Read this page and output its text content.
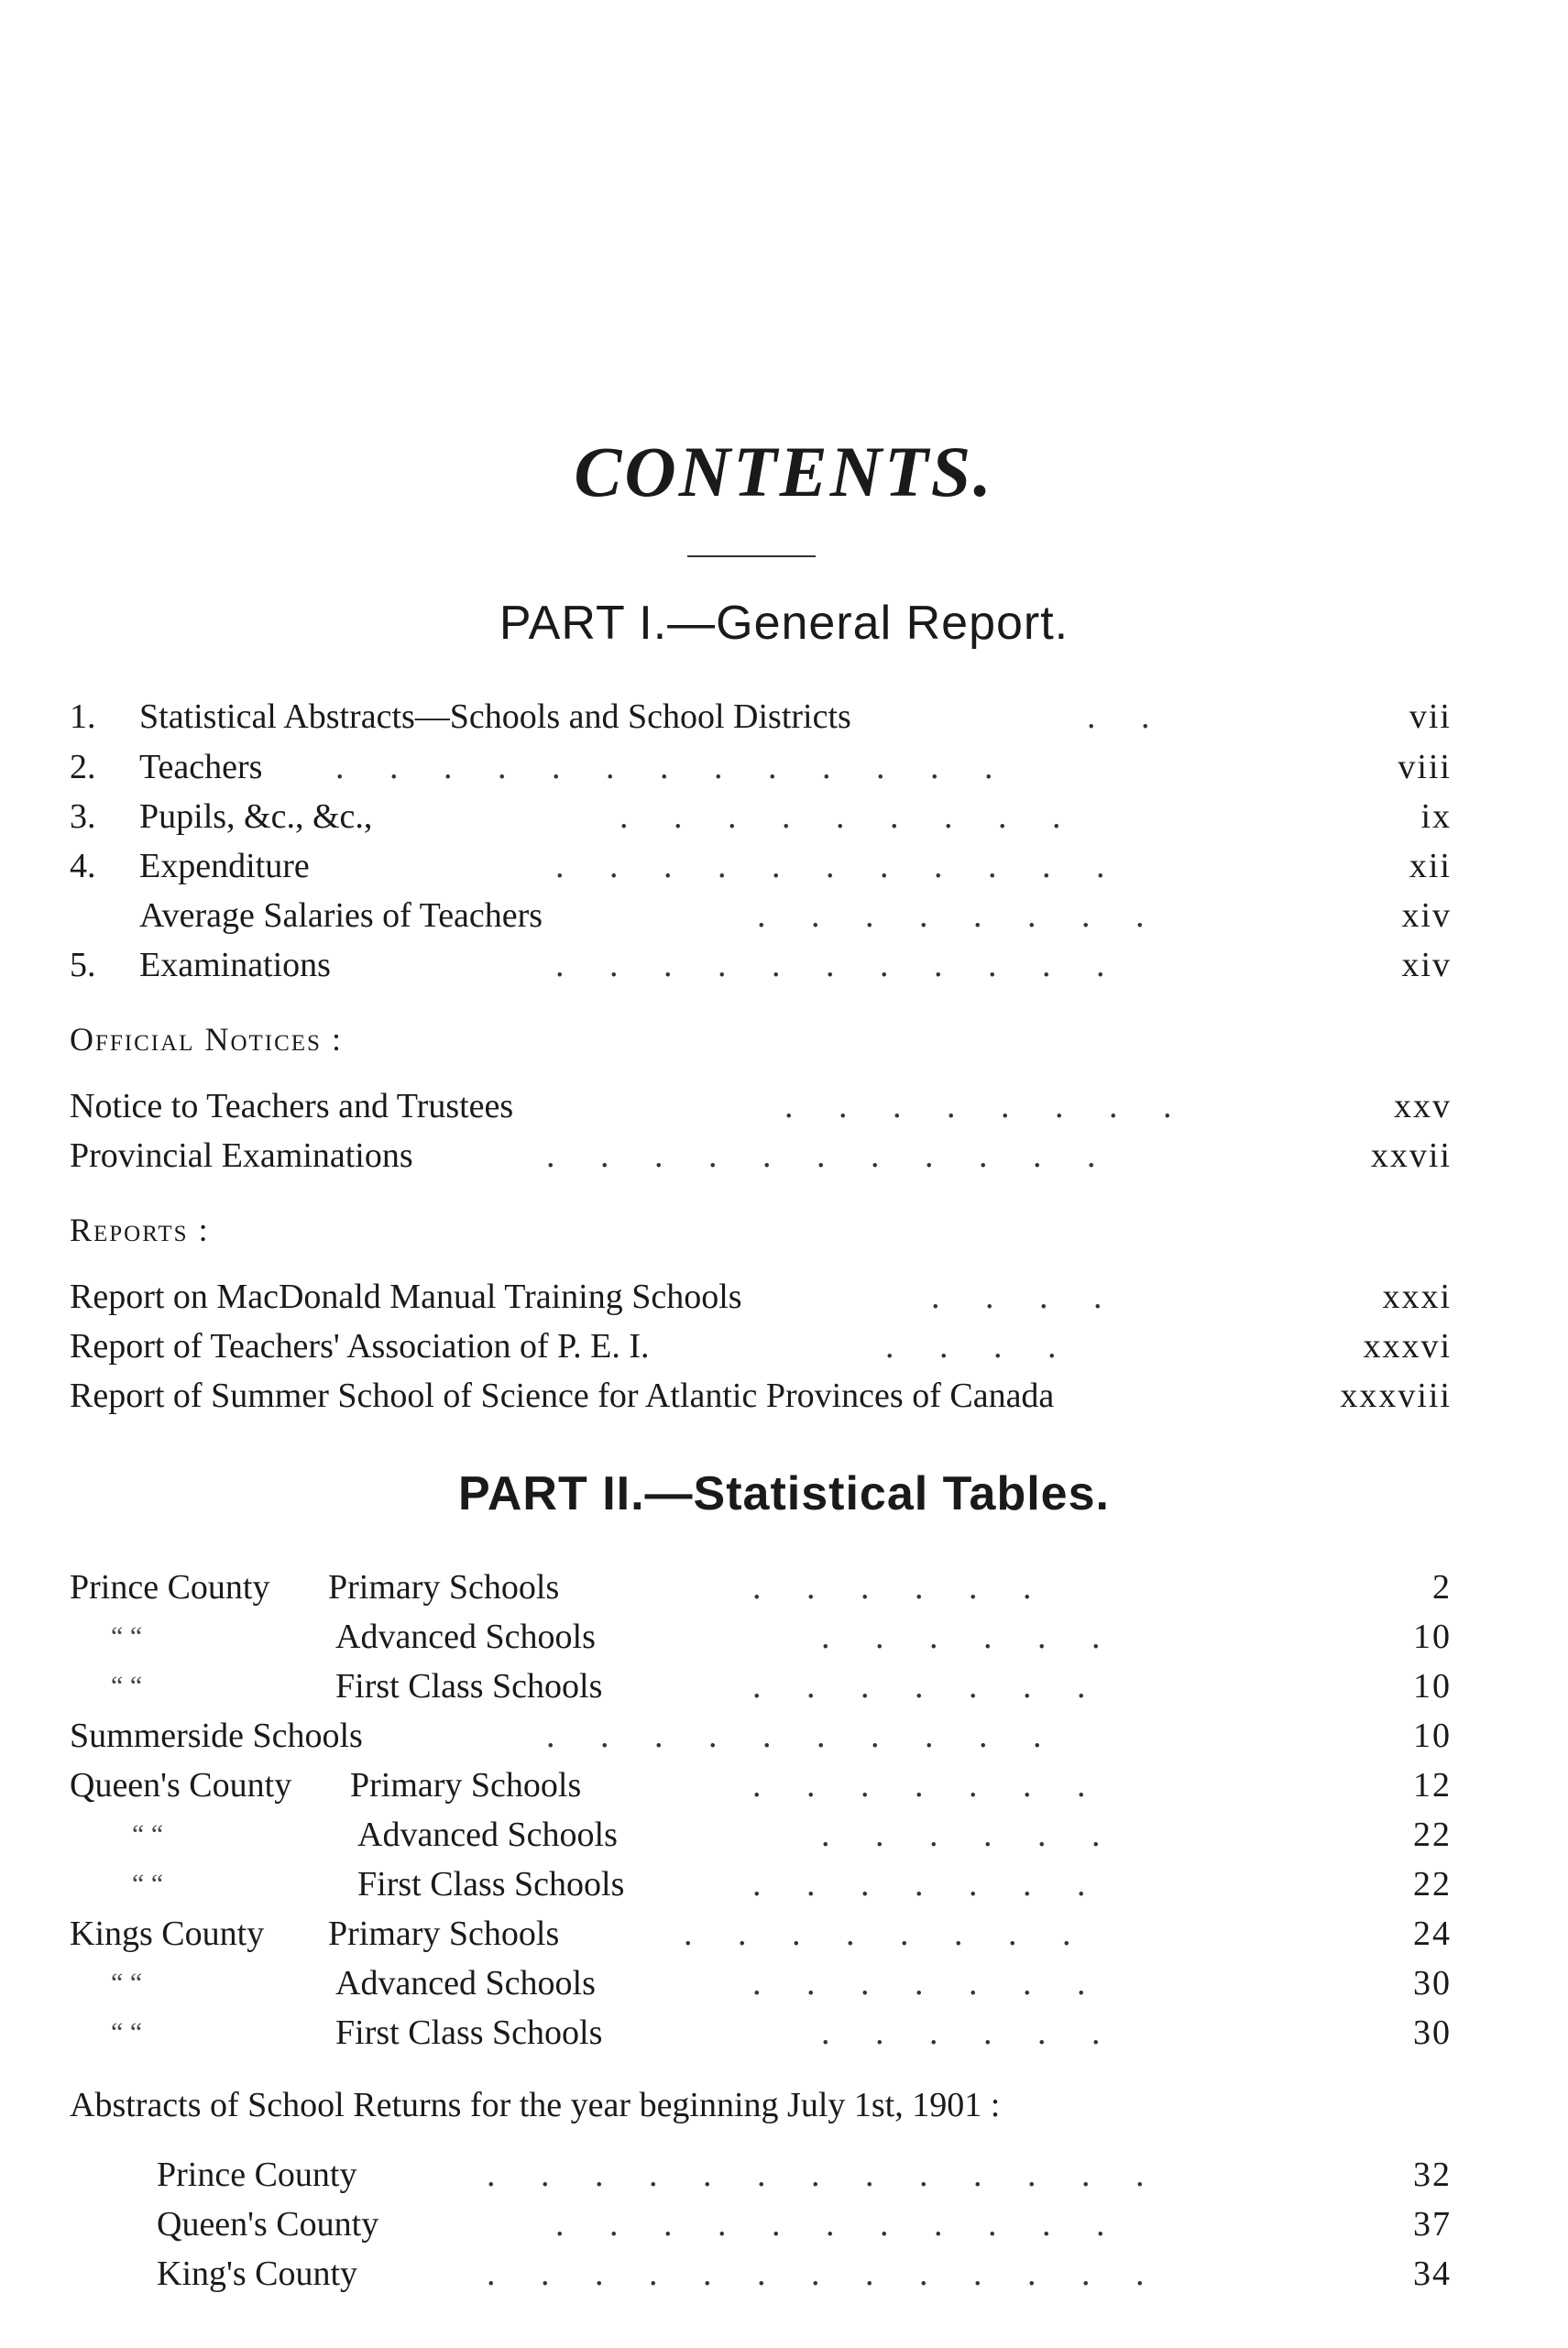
CONTENTS.
PART I.—General Report.
1. Statistical Abstracts—Schools and School Districts	. .	vii
2. Teachers . . . . . . . . . . . . .	viii
3. Pupils, &c., &c.,	. . . . . . . . .	ix
4. Expenditure	. . . . . . . . . . .	xii
Average Salaries of Teachers	. . . . . . . .	xiv
5. Examinations	. . . . . . . . . . .	xiv
Official Notices :
Notice to Teachers and Trustees	. . . . . . . .	xxv
Provincial Examinations	. . . . . . . . . . .	xxvii
Reports :
Report on MacDonald Manual Training Schools	. . . .	xxxi
Report of Teachers' Association of P. E. I.	. . . .	xxxvi
Report of Summer School of Science for Atlantic Provinces of Canada	xxxviii
PART II.—Statistical Tables.
Prince County Primary Schools	. . . . . .	2
“ “	Advanced Schools	. . . . . .	10
“ “	First Class Schools	. . . . . . .	10
Summerside Schools	. . . . . . . . . .	10
Queen's County Primary Schools	. . . . . . .	12
“ “	Advanced Schools	. . . . . .	22
“ “	First Class Schools	. . . . . . .	22
Kings County Primary Schools	. . . . . . . .	24
“ “	Advanced Schools	. . . . . . .	30
“ “	First Class Schools	. . . . . .	30
Abstracts of School Returns for the year beginning July 1st, 1901 :
Prince County	. . . . . . . . . . . . .	32
Queen's County	. . . . . . . . . . .	37
King's County	. . . . . . . . . . . . .	34
